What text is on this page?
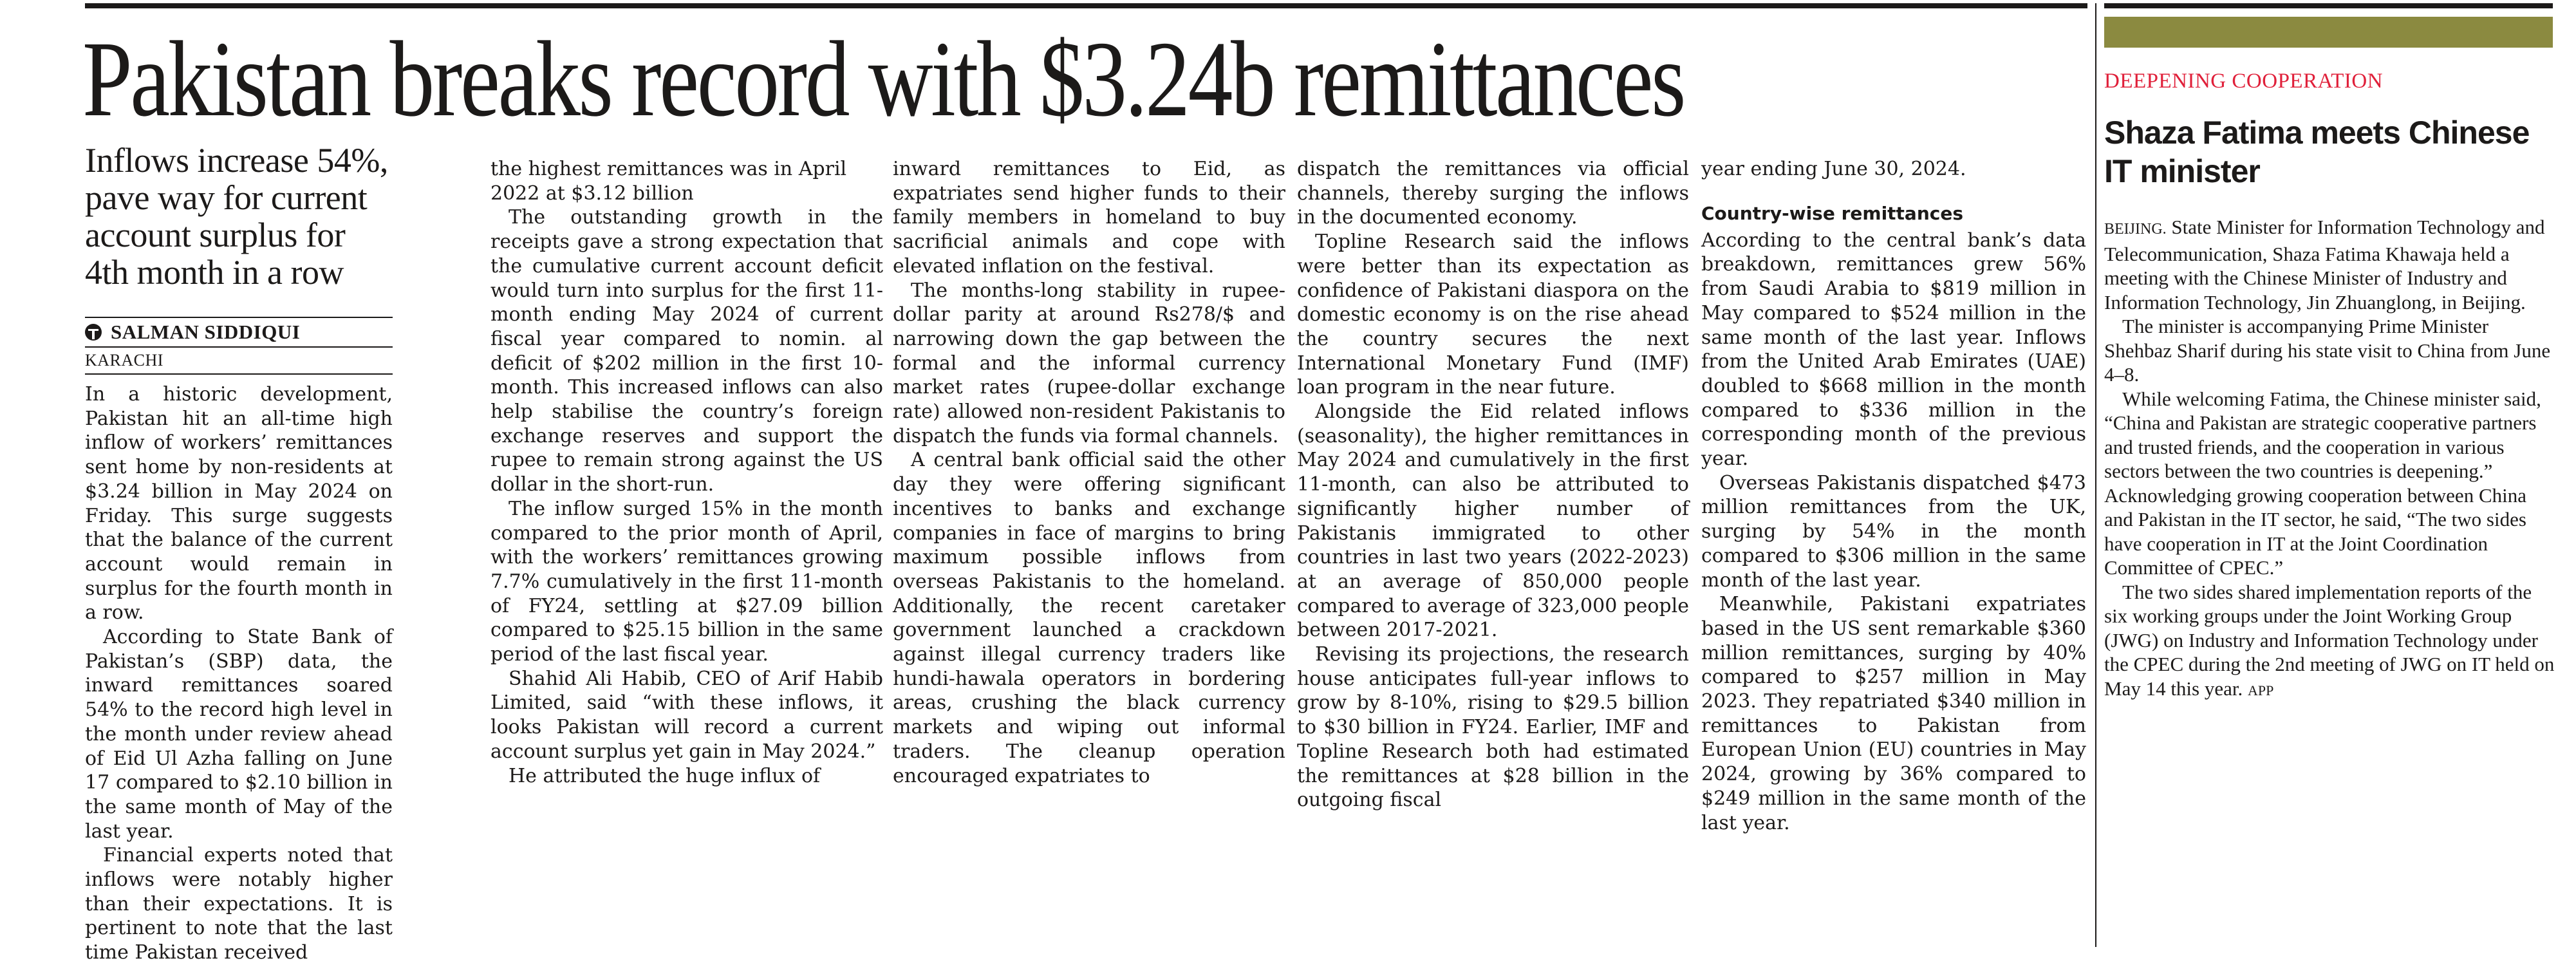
Pakistan breaks record with $3.24b remittances
Inflows increase 54%, pave way for current account surplus for 4th month in a row
SALMAN SIDDIQUI
KARACHI

In a historic development, Pakistan hit an all-time high inflow of workers’ remittances sent home by non-residents at $3.24 billion in May 2024 on Friday. This surge suggests that the balance of the current account would remain in surplus for the fourth month in a row.

According to State Bank of Pakistan’s (SBP) data, the inward remittances soared 54% to the record high level in the month under review ahead of Eid Ul Azha falling on June 17 compared to $2.10 billion in the same month of May of the last year.

Financial experts noted that inflows were notably higher than their expectations. It is pertinent to note that the last time Pakistan received

the highest remittances was in April 2022 at $3.12 billion

The outstanding growth in the receipts gave a strong expectation that the cumulative current account deficit would turn into surplus for the first 11-month ending May 2024 of current fiscal year compared to nomin. al deficit of $202 million in the first 10-month. This increased inflows can also help stabilise the country’s foreign exchange reserves and support the rupee to remain strong against the US dollar in the short-run.

The inflow surged 15% in the month compared to the prior month of April, with the workers’ remittances growing 7.7% cumulatively in the first 11-month of FY24, settling at $27.09 billion compared to $25.15 billion in the same period of the last fiscal year.

Shahid Ali Habib, CEO of Arif Habib Limited, said “with these inflows, it looks Pakistan will record a current account surplus yet gain in May 2024.”

He attributed the huge influx of

inward remittances to Eid, as expatriates send higher funds to their family members in homeland to buy sacrificial animals and cope with elevated inflation on the festival.

The months-long stability in rupee-dollar parity at around Rs278/$ and narrowing down the gap between the formal and the informal currency market rates (rupee-dollar exchange rate) allowed non-resident Pakistanis to dispatch the funds via formal channels.

A central bank official said the other day they were offering significant incentives to banks and exchange companies in face of margins to bring maximum possible inflows from overseas Pakistanis to the homeland. Additionally, the recent caretaker government launched a crackdown against illegal currency traders like hundi-hawala operators in bordering areas, crushing the black currency markets and wiping out informal traders. The cleanup operation encouraged expatriates to

dispatch the remittances via official channels, thereby surging the inflows in the documented economy.

Topline Research said the inflows were better than its expectation as confidence of Pakistani diaspora on the domestic economy is on the rise ahead the country secures the next International Monetary Fund (IMF) loan program in the near future.

Alongside the Eid related inflows (seasonality), the higher remittances in May 2024 and cumulatively in the first 11-month, can also be attributed to significantly higher number of Pakistanis immigrated to other countries in last two years (2022-2023) at an average of 850,000 people compared to average of 323,000 people between 2017-2021.

Revising its projections, the research house anticipates full-year inflows to grow by 8-10%, rising to $29.5 billion to $30 billion in FY24. Earlier, IMF and Topline Research both had estimated the remittances at $28 billion in the outgoing fiscal

year ending June 30, 2024.

Country-wise remittances

According to the central bank’s data breakdown, remittances grew 56% from Saudi Arabia to $819 million in May compared to $524 million in the same month of the last year. Inflows from the United Arab Emirates (UAE) doubled to $668 million in the month compared to $336 million in the corresponding month of the previous year.

Overseas Pakistanis dispatched $473 million remittances from the UK, surging by 54% in the month compared to $306 million in the same month of the last year.

Meanwhile, Pakistani expatriates based in the US sent remarkable $360 million remittances, surging by 40% compared to $257 million in May 2023. They repatriated $340 million in remittances to Pakistan from European Union (EU) countries in May 2024, growing by 36% compared to $249 million in the same month of the last year.

DEEPENING COOPERATION
Shaza Fatima meets Chinese IT minister

BEIJING. State Minister for Information Technology and Telecommunication, Shaza Fatima Khawaja held a meeting with the Chinese Minister of Industry and Information Technology, Jin Zhuanglong, in Beijing.

The minister is accompanying Prime Minister Shehbaz Sharif during his state visit to China from June 4–8.

While welcoming Fatima, the Chinese minister said, “China and Pakistan are strategic cooperative partners and trusted friends, and the cooperation in various sectors between the two countries is deepening.” Acknowledging growing cooperation between China and Pakistan in the IT sector, he said, “The two sides have cooperation in IT at the Joint Coordination Committee of CPEC.”

The two sides shared implementation reports of the six working groups under the Joint Working Group (JWG) on Industry and Information Technology under the CPEC during the 2nd meeting of JWG on IT held on May 14 this year. APP
